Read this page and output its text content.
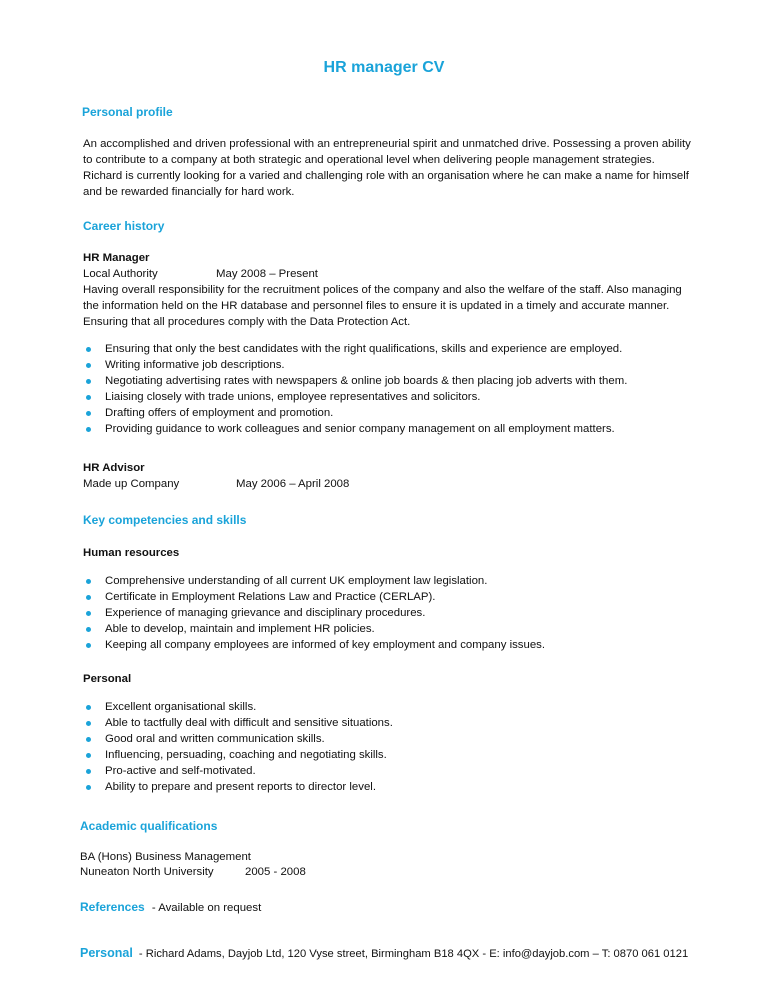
HR manager CV
Personal profile
An accomplished and driven professional with an entrepreneurial spirit and unmatched drive. Possessing a proven ability
to contribute to a company at both strategic and operational level when delivering people management strategies.
Richard is currently looking for a varied and challenging role with an organisation where he can make a name for himself
and be rewarded financially for hard work.
Career history
HR Manager
Local Authority	May 2008 – Present
Having overall responsibility for the recruitment polices of the company and also the welfare of the staff. Also managing
the information held on the HR database and personnel files to ensure it is updated in a timely and accurate manner.
Ensuring that all procedures comply with the Data Protection Act.
Ensuring that only the best candidates with the right qualifications, skills and experience are employed.
Writing informative job descriptions.
Negotiating advertising rates with newspapers & online job boards & then placing job adverts with them.
Liaising closely with trade unions, employee representatives and solicitors.
Drafting offers of employment and promotion.
Providing guidance to work colleagues and senior company management on all employment matters.
HR Advisor
Made up Company	May 2006 – April 2008
Key competencies and skills
Human resources
Comprehensive understanding of all current UK employment law legislation.
Certificate in Employment Relations Law and Practice (CERLAP).
Experience of managing grievance and disciplinary procedures.
Able to develop, maintain and implement HR policies.
Keeping all company employees are informed of key employment and company issues.
Personal
Excellent organisational skills.
Able to tactfully deal with difficult and sensitive situations.
Good oral and written communication skills.
Influencing, persuading, coaching and negotiating skills.
Pro-active and self-motivated.
Ability to prepare and present reports to director level.
Academic qualifications
BA (Hons) Business Management
Nuneaton North University	2005 - 2008
References - Available on request
Personal - Richard Adams, Dayjob Ltd, 120 Vyse street, Birmingham B18 4QX - E: info@dayjob.com – T: 0870 061 0121
